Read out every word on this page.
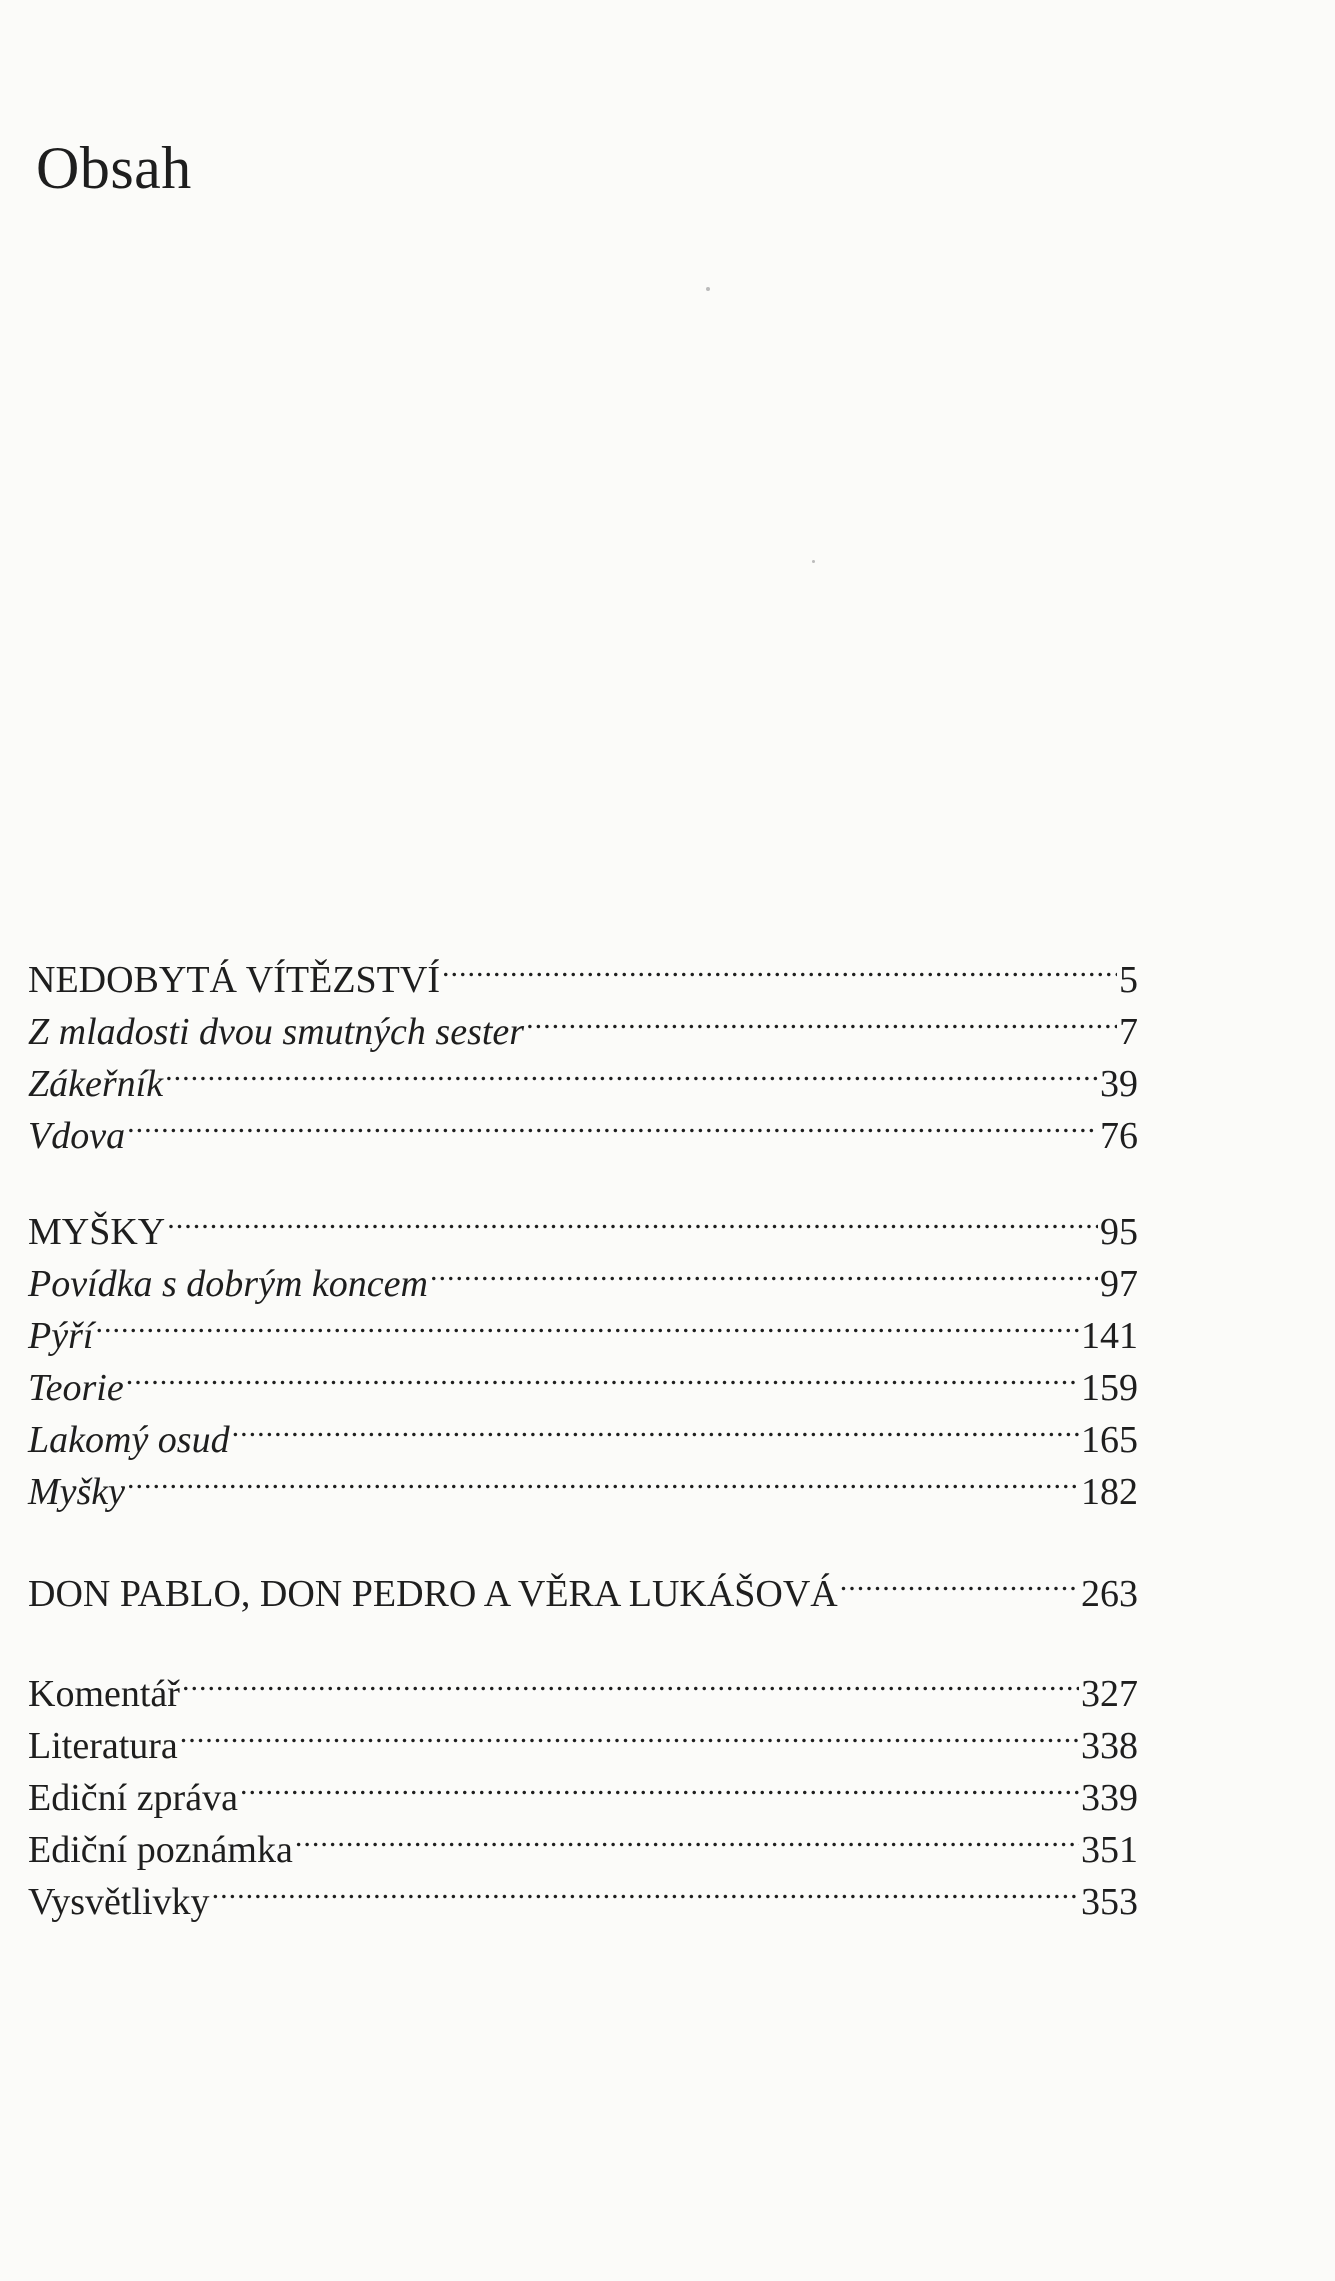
Obsah
NEDOBYTÁ VÍTĚZSTVÍ .....	5
Z mladosti dvou smutných sester .....	7
Zákeřník .....	39
Vdova .....	76
MYŠKY .....	95
Povídka s dobrým koncem .....	97
Pýří .....	141
Teorie .....	159
Lakomý osud .....	165
Myšky .....	182
DON PABLO, DON PEDRO A VĚRA LUKÁŠOVÁ .....	263
Komentář .....	327
Literatura .....	338
Ediční zpráva .....	339
Ediční poznámka .....	351
Vysvětlivky .....	353
